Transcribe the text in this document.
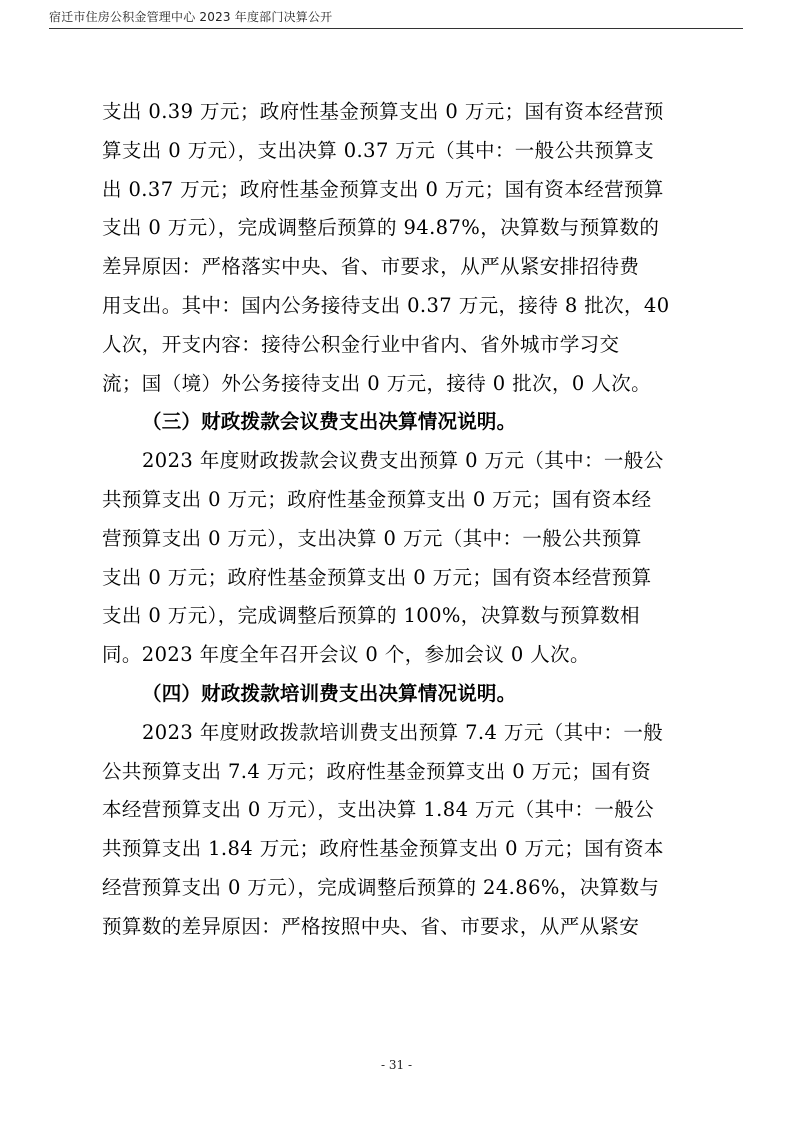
宿迁市住房公积金管理中心 2023 年度部门决算公开
支出 0.39 万元；政府性基金预算支出 0 万元；国有资本经营预
算支出 0 万元），支出决算 0.37 万元（其中：一般公共预算支
出 0.37 万元；政府性基金预算支出 0 万元；国有资本经营预算
支出 0 万元），完成调整后预算的 94.87%，决算数与预算数的
差异原因：严格落实中央、省、市要求，从严从紧安排招待费
用支出。其中：国内公务接待支出 0.37 万元，接待 8 批次，40
人次，开支内容：接待公积金行业中省内、省外城市学习交
流；国（境）外公务接待支出 0 万元，接待 0 批次，0 人次。
（三）财政拨款会议费支出决算情况说明。
2023 年度财政拨款会议费支出预算 0 万元（其中：一般公
共预算支出 0 万元；政府性基金预算支出 0 万元；国有资本经
营预算支出 0 万元），支出决算 0 万元（其中：一般公共预算
支出 0 万元；政府性基金预算支出 0 万元；国有资本经营预算
支出 0 万元），完成调整后预算的 100%，决算数与预算数相
同。2023 年度全年召开会议 0 个，参加会议 0 人次。
（四）财政拨款培训费支出决算情况说明。
2023 年度财政拨款培训费支出预算 7.4 万元（其中：一般
公共预算支出 7.4 万元；政府性基金预算支出 0 万元；国有资
本经营预算支出 0 万元），支出决算 1.84 万元（其中：一般公
共预算支出 1.84 万元；政府性基金预算支出 0 万元；国有资本
经营预算支出 0 万元），完成调整后预算的 24.86%，决算数与
预算数的差异原因：严格按照中央、省、市要求，从严从紧安
- 31 -
